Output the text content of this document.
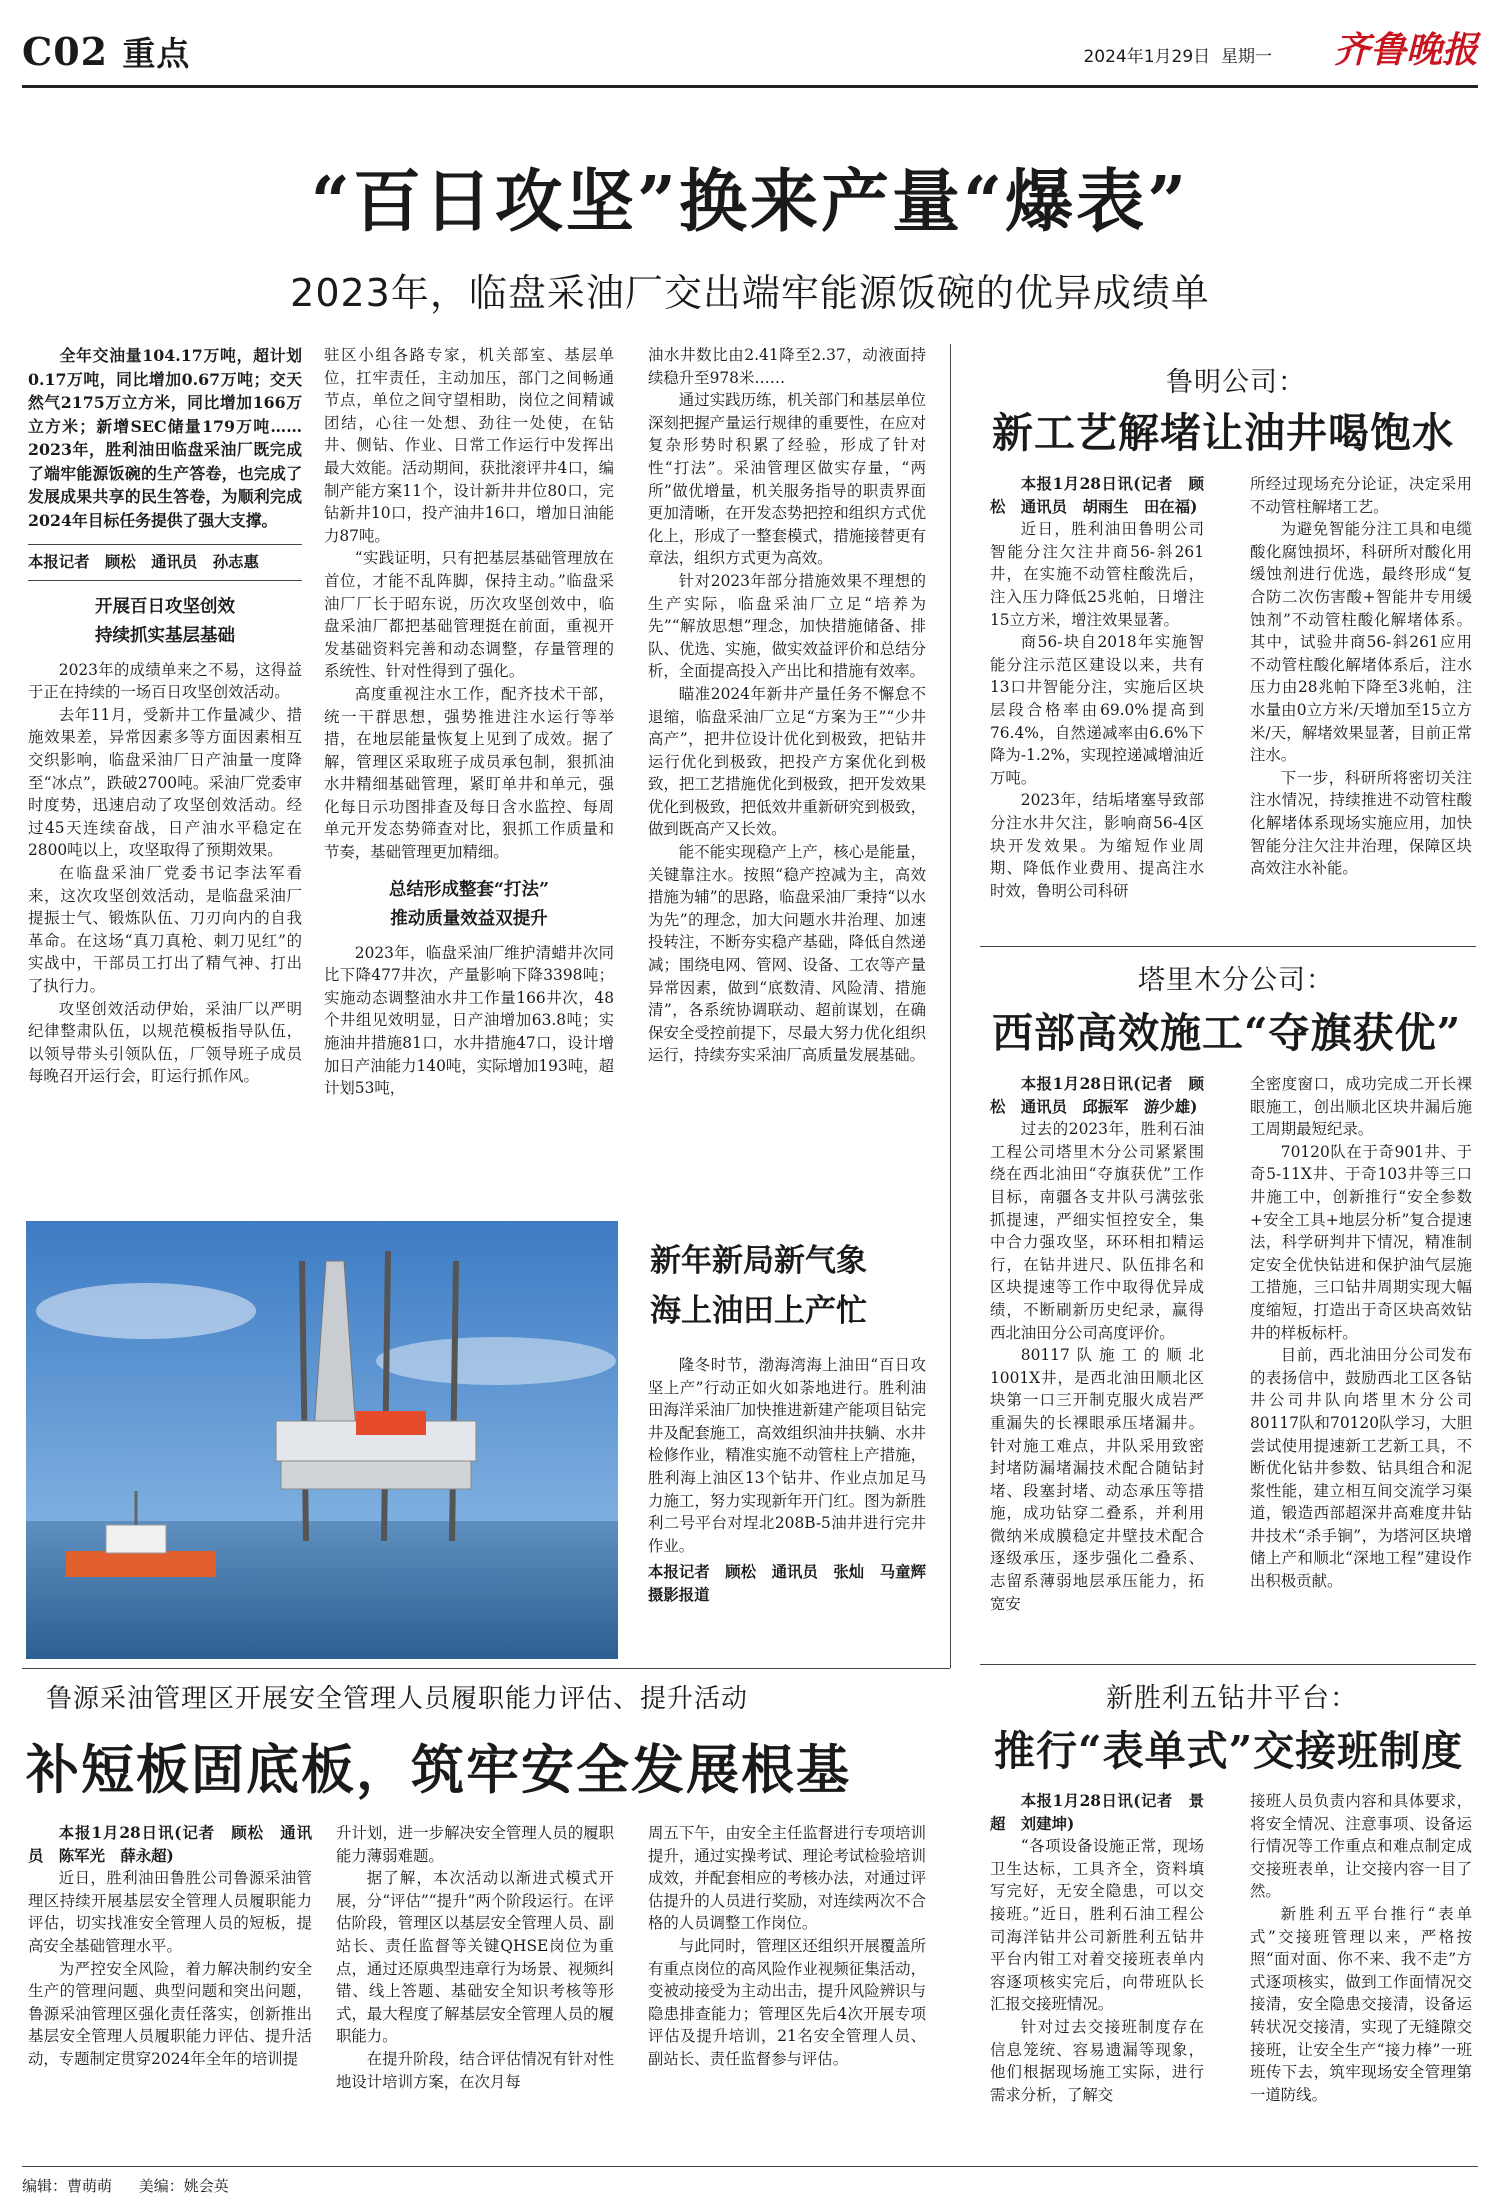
C02 重点	2024年1月29日 星期一 齐鲁晚报
“百日攻坚”换来产量“爆表”
2023年，临盘采油厂交出端牢能源饭碗的优异成绩单

全年交油量104.17万吨，超计划0.17万吨，同比增加0.67万吨；交天然气2175万立方米，同比增加166万立方米；新增SEC储量179万吨……2023年，胜利油田临盘采油厂既完成了端牢能源饭碗的生产答卷，也完成了发展成果共享的民生答卷，为顺利完成2024年目标任务提供了强大支撑。

本报记者　顾松　通讯员　孙志惠

开展百日攻坚创效
持续抓实基层基础

2023年的成绩单来之不易，这得益于正在持续的一场百日攻坚创效活动。

去年11月，受新井工作量减少、措施效果差，异常因素多等方面因素相互交织影响，临盘采油厂日产油量一度降至“冰点”，跌破2700吨。采油厂党委审时度势，迅速启动了攻坚创效活动。经过45天连续奋战，日产油水平稳定在2800吨以上，攻坚取得了预期效果。

在临盘采油厂党委书记李法军看来，这次攻坚创效活动，是临盘采油厂提振士气、锻炼队伍、刀刃向内的自我革命。在这场“真刀真枪、刺刀见红”的实战中，干部员工打出了精气神、打出了执行力。

攻坚创效活动伊始，采油厂以严明纪律整肃队伍，以规范模板指导队伍，以领导带头引领队伍，厂领导班子成员每晚召开运行会，盯运行抓作风。

驻区小组各路专家，机关部室、基层单位，扛牢责任，主动加压，部门之间畅通节点，单位之间守望相助，岗位之间精诚团结，心往一处想、劲往一处使，在钻井、侧钻、作业、日常工作运行中发挥出最大效能。活动期间，获批滚评井4口，编制产能方案11个，设计新井井位80口，完钻新井10口，投产油井16口，增加日油能力87吨。

“实践证明，只有把基层基础管理放在首位，才能不乱阵脚，保持主动。”临盘采油厂厂长于昭东说，历次攻坚创效中，临盘采油厂都把基础管理挺在前面，重视开发基础资料完善和动态调整，存量管理的系统性、针对性得到了强化。

高度重视注水工作，配齐技术干部，统一干群思想，强势推进注水运行等举措，在地层能量恢复上见到了成效。据了解，管理区采取班子成员承包制，狠抓油水井精细基础管理，紧盯单井和单元，强化每日示功图排查及每日含水监控、每周单元开发态势筛查对比，狠抓工作质量和节奏，基础管理更加精细。

总结形成整套“打法”
推动质量效益双提升

2023年，临盘采油厂维护清蜡井次同比下降477井次，产量影响下降3398吨；实施动态调整油水井工作量166井次，48个井组见效明显，日产油增加63.8吨；实施油井措施81口，水井措施47口，设计增加日产油能力140吨，实际增加193吨，超计划53吨，

油水井数比由2.41降至2.37，动液面持续稳升至978米……

通过实践历练，机关部门和基层单位深刻把握产量运行规律的重要性，在应对复杂形势时积累了经验，形成了针对性“打法”。采油管理区做实存量，“两所”做优增量，机关服务指导的职责界面更加清晰，在开发态势把控和组织方式优化上，形成了一整套模式，措施接替更有章法，组织方式更为高效。

针对2023年部分措施效果不理想的生产实际，临盘采油厂立足“培养为先”“解放思想”理念，加快措施储备、排队、优选、实施，做实效益评价和总结分析，全面提高投入产出比和措施有效率。

瞄准2024年新井产量任务不懈怠不退缩，临盘采油厂立足“方案为王”“少井高产”，把井位设计优化到极致，把钻井运行优化到极致，把投产方案优化到极致，把工艺措施优化到极致，把开发效果优化到极致，把低效井重新研究到极致，做到既高产又长效。

能不能实现稳产上产，核心是能量，关键靠注水。按照“稳产控减为主，高效措施为辅”的思路，临盘采油厂秉持“以水为先”的理念，加大问题水井治理、加速投转注，不断夯实稳产基础，降低自然递减；围绕电网、管网、设备、工农等产量异常因素，做到“底数清、风险清、措施清”，各系统协调联动、超前谋划，在确保安全受控前提下，尽最大努力优化组织运行，持续夯实采油厂高质量发展基础。

新年新局新气象
海上油田上产忙

隆冬时节，渤海湾海上油田“百日攻坚上产”行动正如火如荼地进行。胜利油田海洋采油厂加快推进新建产能项目钻完井及配套施工，高效组织油井扶躺、水井检修作业，精准实施不动管柱上产措施，胜利海上油区13个钻井、作业点加足马力施工，努力实现新年开门红。图为新胜利二号平台对埕北208B-5油井进行完井作业。

本报记者　顾松　通讯员　张灿　马童辉　摄影报道

鲁明公司：
新工艺解堵让油井喝饱水

本报1月28日讯(记者　顾松　通讯员　胡雨生　田在福)

近日，胜利油田鲁明公司智能分注欠注井商56-斜261井，在实施不动管柱酸洗后，注入压力降低25兆帕，日增注15立方米，增注效果显著。

商56-块自2018年实施智能分注示范区建设以来，共有13口井智能分注，实施后区块层段合格率由69.0%提高到76.4%，自然递减率由6.6%下降为-1.2%，实现控递减增油近万吨。

2023年，结垢堵塞导致部分注水井欠注，影响商56-4区块开发效果。为缩短作业周期、降低作业费用、提高注水时效，鲁明公司科研

所经过现场充分论证，决定采用不动管柱解堵工艺。

为避免智能分注工具和电缆酸化腐蚀损坏，科研所对酸化用缓蚀剂进行优选，最终形成“复合防二次伤害酸+智能井专用缓蚀剂”不动管柱酸化解堵体系。其中，试验井商56-斜261应用不动管柱酸化解堵体系后，注水压力由28兆帕下降至3兆帕，注水量由0立方米/天增加至15立方米/天，解堵效果显著，目前正常注水。

下一步，科研所将密切关注注水情况，持续推进不动管柱酸化解堵体系现场实施应用，加快智能分注欠注井治理，保障区块高效注水补能。

塔里木分公司：
西部高效施工“夺旗获优”

本报1月28日讯(记者　顾松　通讯员　邱振军　游少雄)

过去的2023年，胜利石油工程公司塔里木分公司紧紧围绕在西北油田“夺旗获优”工作目标，南疆各支井队弓满弦张抓提速，严细实恒控安全，集中合力强攻坚，环环相扣精运行，在钻井进尺、队伍排名和区块提速等工作中取得优异成绩，不断刷新历史纪录，赢得西北油田分公司高度评价。

80117队施工的顺北1001X井，是西北油田顺北区块第一口三开制克服火成岩严重漏失的长裸眼承压堵漏井。针对施工难点，井队采用致密封堵防漏堵漏技术配合随钻封堵、段塞封堵、动态承压等措施，成功钻穿二叠系，并利用微纳米成膜稳定井壁技术配合逐级承压，逐步强化二叠系、志留系薄弱地层承压能力，拓宽安

全密度窗口，成功完成二开长裸眼施工，创出顺北区块井漏后施工周期最短纪录。

70120队在于奇901井、于奇5-11X井、于奇103井等三口井施工中，创新推行“安全参数+安全工具+地层分析”复合提速法，科学研判井下情况，精准制定安全优快钻进和保护油气层施工措施，三口钻井周期实现大幅度缩短，打造出于奇区块高效钻井的样板标杆。

目前，西北油田分公司发布的表扬信中，鼓励西北工区各钻井公司井队向塔里木分公司80117队和70120队学习，大胆尝试使用提速新工艺新工具，不断优化钻井参数、钻具组合和泥浆性能，建立相互间交流学习渠道，锻造西部超深井高难度井钻井技术“杀手锏”，为塔河区块增储上产和顺北“深地工程”建设作出积极贡献。

鲁源采油管理区开展安全管理人员履职能力评估、提升活动
补短板固底板，筑牢安全发展根基

本报1月28日讯(记者　顾松　通讯员　陈军光　薛永超)

近日，胜利油田鲁胜公司鲁源采油管理区持续开展基层安全管理人员履职能力评估，切实找准安全管理人员的短板，提高安全基础管理水平。

为严控安全风险，着力解决制约安全生产的管理问题、典型问题和突出问题，鲁源采油管理区强化责任落实，创新推出基层安全管理人员履职能力评估、提升活动，专题制定贯穿2024年全年的培训提

升计划，进一步解决安全管理人员的履职能力薄弱难题。

据了解，本次活动以渐进式模式开展，分“评估”“提升”两个阶段运行。在评估阶段，管理区以基层安全管理人员、副站长、责任监督等关键QHSE岗位为重点，通过还原典型违章行为场景、视频纠错、线上答题、基础安全知识考核等形式，最大程度了解基层安全管理人员的履职能力。

在提升阶段，结合评估情况有针对性地设计培训方案，在次月每

周五下午，由安全主任监督进行专项培训提升，通过实操考试、理论考试检验培训成效，并配套相应的考核办法，对通过评估提升的人员进行奖励，对连续两次不合格的人员调整工作岗位。

与此同时，管理区还组织开展覆盖所有重点岗位的高风险作业视频征集活动，变被动接受为主动出击，提升风险辨识与隐患排查能力；管理区先后4次开展专项评估及提升培训，21名安全管理人员、副站长、责任监督参与评估。

新胜利五钻井平台：
推行“表单式”交接班制度

本报1月28日讯(记者　景超　刘建坤)

“各项设备设施正常，现场卫生达标，工具齐全，资料填写完好，无安全隐患，可以交接班。”近日，胜利石油工程公司海洋钻井公司新胜利五钻井平台内钳工对着交接班表单内容逐项核实完后，向带班队长汇报交接班情况。

针对过去交接班制度存在信息笼统、容易遗漏等现象，他们根据现场施工实际，进行需求分析，了解交

接班人员负责内容和具体要求，将安全情况、注意事项、设备运行情况等工作重点和难点制定成交接班表单，让交接内容一目了然。

新胜利五平台推行“表单式”交接班管理以来，严格按照“面对面、你不来、我不走”方式逐项核实，做到工作面情况交接清，安全隐患交接清，设备运转状况交接清，实现了无缝隙交接班，让安全生产“接力棒”一班班传下去，筑牢现场安全管理第一道防线。

编辑：曹萌萌 美编：姚会英
